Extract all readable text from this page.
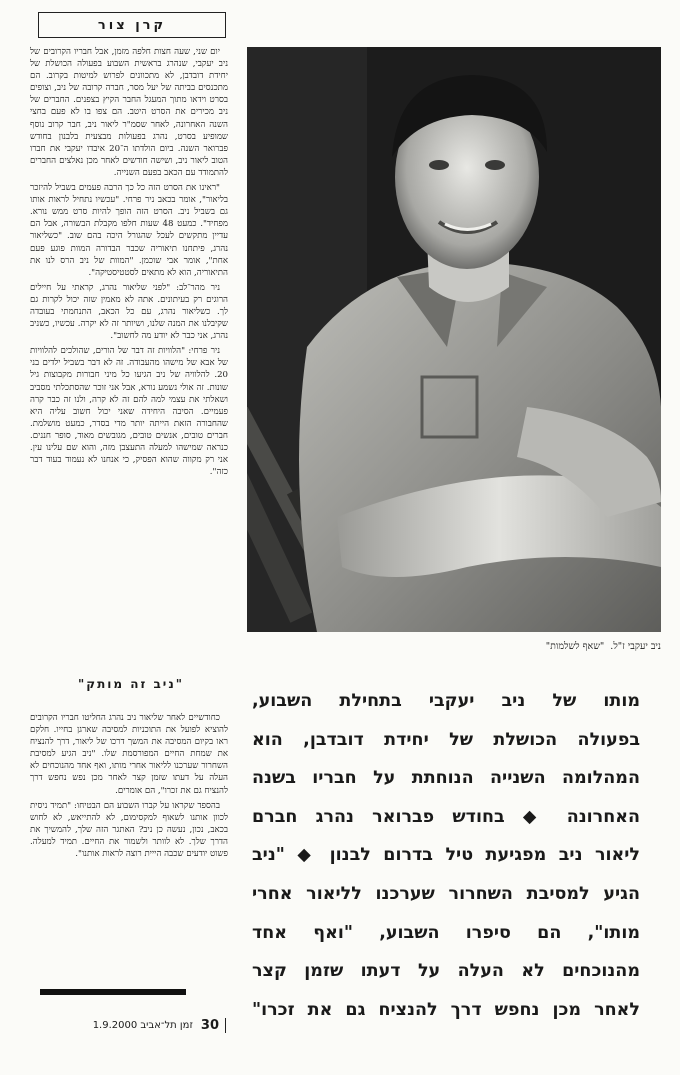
קרן צור

יום שני, שעה חצות חלפה מזמן, אבל חבריו הקרובים של ניב יעקבי, שנהרג בראשית השבוע בפעולה הכושלת של יחידת דובדבן, לא מתכוונים לפרוש למיטות בקרוב. הם מתכנסים בביתה של יעל מסר, חברה קרובה של ניב, וצופים בסרט וידאו מתוך המעגל החבר הקיץ בצפנים. החברים של ניב מכירים את הסרט היטב. הם צפו בו לא פעם בחצי השנה האחרונה, לאחר שסמ"ר ליאור ניב, חבר קרוב נוסף שמופיע בסרט, נהרג בפעולות מבצעית בלבנון בחודש פברואר השנה. ביום הולדתו ה־20 איבדו יעקבי את חברו הטוב ליאור ניב, ושישה חודשים לאחר מכן נאלצים החברים להתמודד עם הכאב בפעם השנייה.

"ראינו את הסרט הזה כל כך הרבה פעמים בשביל להיזכר בליאור", אומר בכאב ניר פרחי. "עכשיו נתחיל לראות אותו גם בשביל ניב. הסרט הזה הופך להיות סרט ממש נורא. מפחיד". כמעט 48 שעות חלפו מקבלת הבשורה, אבל הם עדיין מתקשים לעכל שהגורל היכה בהם שוב. "כשליאור נהרג, פיתחנו תיאוריה שכבר הבדורה המוות פוגע פעם אחת", אומר אבי שוכמן. "המוות של ניב הרס לנו את התיאוריה, הוא לא מתאים לסטטיסטיקה".

ניר מהר־לב: "לפני שליאור נהרג, קראתי על חיילים הרוגים רק בעיתונים. אתה לא מאמין שזה יכול לקרות גם לך. כשליאור נהרג, עם כל הכאב, התנחמתי בעובדה שקיבלנו את המנה שלנו, ושיותר זה לא יקרה. עכשיו, כשניב נהרג, אני כבר לא יודע מה לחשוב".

ניר פרחי: "הלוויות זה דבר של הורים, שהולכים להלוויות של אבא של מישהו מהעבודה. זה לא דבר בשביל ילדים בני 20. להלוויה של ניב הגיעו כל מיני חבורות מקבוצות גיל שונות. זה אולי נשמע נורא, אבל אני זוכר שהסתכלתי מסביב ושאלתי את עצמי למה להם זה לא קרה, ולנו זה כבר קרה פעמיים. הסיבה היחידה שאני יכול חשוב עליה היא שהחבורה הזאת הייתה יותר מדי בסדר, כמעט מושלמת. חברים טובים, אנשים טובים, מגובשים מאוד, סופר חננים. כנראה שמישהו למעלה התעצבן מזה, והוא שם עלינו עין. אני רק מקווה שהוא הפסיק, כי אנחנו לא נעמוד בעוד דבר כזה".

"ניב זה מותק"

כחודשיים לאחר שליאור ניב נהרג החליטו חבריו הקרובים להוציא לפועל את התוכניות למסיבה שארגן בחייו. חלקם ראו בקיום המסיבה את המשך דרכו של ליאור, דרך להנציח את שמחת החיים המפורסמת שלו. "ניב הגיע למסיבת השחרור שערכנו לליאור אחרי מותו, ואף אחד מהנוכחים לא העלה על דעתו שזמן קצר לאחר מכן נפש נחפש דרך להנציח גם את זכרו", הם אומרים.

בהספד שקראו על קברו השבוע הם הבטיחו: "תמיד ניסית לכוון אותנו לשאוף למקסימום, לא להתייאש, לא לחוש בכאב, נכון, נעשה כן ניב? האתגר הזה שלך, להמשיך את הדרך שלך. לא לוותר ולשמור את החיים. תמיד למעלה. פשוט יודעים שכבה הייית רוצה לראות אותנו".

30
זמן תל־אביב 1.9.2000
ניב יעקבי ז"ל.
"שאף לשלמות"
מותו של ניב יעקבי בתחילת השבוע,
בפעולה הכושלת של יחידת דובדבן, הוא
המהלומה השנייה הנוחתת על חבריו בשנה
האחרונה ◆ בחודש פברואר נהרג חברם
ליאור ניב מפגיעת טיל בדרום לבנון ◆ "ניב
הגיע למסיבת השחרור שערכנו לליאור אחרי
מותו", הם סיפרו השבוע, "ואף אחד
מהנוכחים לא העלה על דעתו שזמן קצר
לאחר מכן נחפש דרך להנציח גם את זכרו"
